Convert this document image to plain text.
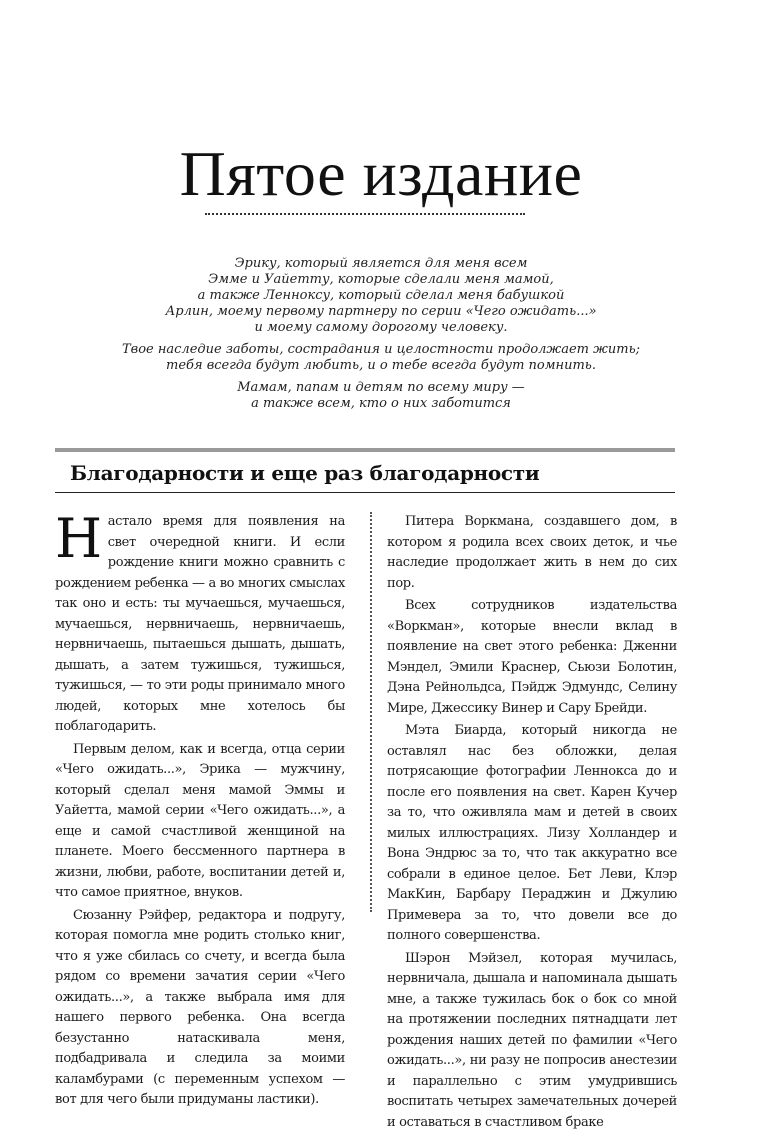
Пятое издание
Эрику, который является для меня всем
Эмме и Уайетту, которые сделали меня мамой,
а также Ленноксу, который сделал меня бабушкой
Арлин, моему первому партнеру по серии «Чего ожидать...»
и моему самому дорогому человеку.
Твое наследие заботы, сострадания и целостности продолжает жить;
тебя всегда будут любить, и о тебе всегда будут помнить.
Мамам, папам и детям по всему миру —
а также всем, кто о них заботится
Благодарности и еще раз благодарности

Настало время для появления на свет очередной книги. И если рождение книги можно сравнить с рождением ребенка — а во многих смыслах так оно и есть: ты мучаешься, мучаешься, мучаешься, нервничаешь, нервничаешь, нервничаешь, пытаешься дышать, дышать, дышать, а затем тужишься, тужишься, тужишься, — то эти роды принимало много людей, которых мне хотелось бы поблагодарить.

Первым делом, как и всегда, отца серии «Чего ожидать...», Эрика — мужчину, который сделал меня мамой Эммы и Уайетта, мамой серии «Чего ожидать...», а еще и самой счастливой женщиной на планете. Моего бессменного партнера в жизни, любви, работе, воспитании детей и, что самое приятное, внуков.

Сюзанну Рэйфер, редактора и подругу, которая помогла мне родить столько книг, что я уже сбилась со счету, и всегда была рядом со времени зачатия серии «Чего ожидать...», а также выбрала имя для нашего первого ребенка. Она всегда безустанно натаскивала меня, подбадривала и следила за моими каламбурами (с переменным успехом — вот для чего были придуманы ластики).

Питера Воркмана, создавшего дом, в котором я родила всех своих деток, и чье наследие продолжает жить в нем до сих пор.

Всех сотрудников издательства «Воркман», которые внесли вклад в появление на свет этого ребенка: Дженни Мэндел, Эмили Краснер, Сьюзи Болотин, Дэна Рейнольдса, Пэйдж Эдмундс, Селину Мире, Джессику Винер и Сару Брейди.

Мэта Биарда, который никогда не оставлял нас без обложки, делая потрясающие фотографии Леннокса до и после его появления на свет. Карен Кучер за то, что оживляла мам и детей в своих милых иллюстрациях. Лизу Холландер и Вона Эндрюс за то, что так аккуратно все собрали в единое целое. Бет Леви, Клэр МакКин, Барбару Пераджин и Джулию Примевера за то, что довели все до полного совершенства.

Шэрон Мэйзел, которая мучилась, нервничала, дышала и напоминала дышать мне, а также тужилась бок о бок со мной на протяжении последних пятнадцати лет рождения наших детей по фамилии «Чего ожидать...», ни разу не попросив анестезии и параллельно с этим умудрившись воспитать четырех замечательных дочерей и оставаться в счастливом браке
